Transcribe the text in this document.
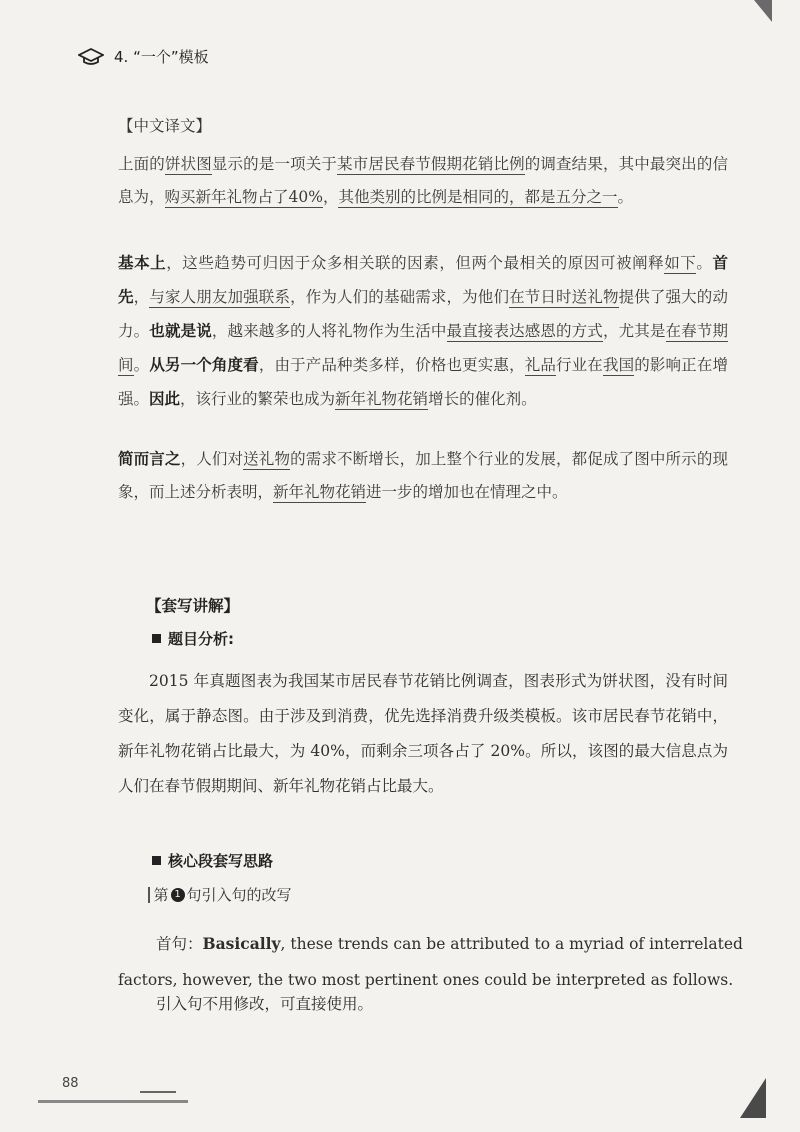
4. “一个”模板
【中文译文】
上面的饼状图显示的是一项关于某市居民春节假期花销比例的调查结果，其中最突出的信息为，购买新年礼物占了40%，其他类别的比例是相同的，都是五分之一。
基本上，这些趋势可归因于众多相关联的因素，但两个最相关的原因可被阐释如下。首先，与家人朋友加强联系，作为人们的基础需求，为他们在节日时送礼物提供了强大的动力。也就是说，越来越多的人将礼物作为生活中最直接表达感恩的方式，尤其是在春节期间。从另一个角度看，由于产品种类多样，价格也更实惠，礼品行业在我国的影响正在增强。因此，该行业的繁荣也成为新年礼物花销增长的催化剂。
简而言之，人们对送礼物的需求不断增长，加上整个行业的发展，都促成了图中所示的现象，而上述分析表明，新年礼物花销进一步的增加也在情理之中。
【套写讲解】
题目分析:
2015 年真题图表为我国某市居民春节花销比例调查，图表形式为饼状图，没有时间变化，属于静态图。由于涉及到消费，优先选择消费升级类模板。该市居民春节花销中，新年礼物花销占比最大，为 40%，而剩余三项各占了 20%。所以，该图的最大信息点为人们在春节假期期间、新年礼物花销占比最大。
核心段套写思路
第 1 句引入句的改写
首句：Basically, these trends can be attributed to a myriad of interrelated factors, however, the two most pertinent ones could be interpreted as follows.
引入句不用修改，可直接使用。
88
